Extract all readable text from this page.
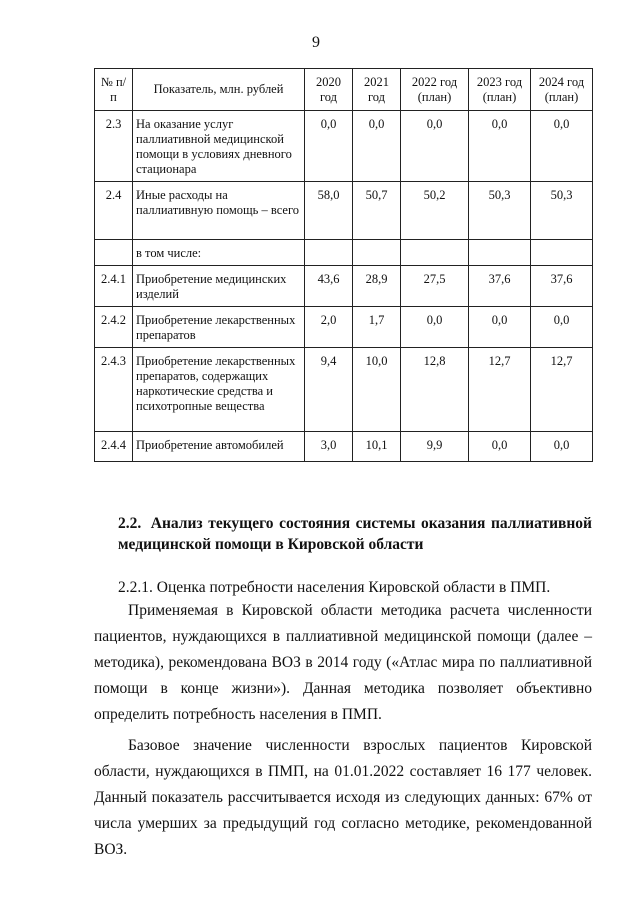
9
№ п/п	Показатель, млн. рублей	2020 год	2021 год	2022 год (план)	2023 год (план)	2024 год (план)
2.3	На оказание услуг паллиативной медицинской помощи в условиях дневного стационара	0,0	0,0	0,0	0,0	0,0
2.4	Иные расходы на паллиативную помощь – всего	58,0	50,7	50,2	50,3	50,3
	в том числе:					
2.4.1	Приобретение медицинских изделий	43,6	28,9	27,5	37,6	37,6
2.4.2	Приобретение лекарственных препаратов	2,0	1,7	0,0	0,0	0,0
2.4.3	Приобретение лекарственных препаратов, содержащих наркотические средства и психотропные вещества	9,4	10,0	12,8	12,7	12,7
2.4.4	Приобретение автомобилей	3,0	10,1	9,9	0,0	0,0
2.2. Анализ текущего состояния системы оказания паллиативной медицинской помощи в Кировской области
2.2.1. Оценка потребности населения Кировской области в ПМП.
Применяемая в Кировской области методика расчета численности пациентов, нуждающихся в паллиативной медицинской помощи (далее – методика), рекомендована ВОЗ в 2014 году («Атлас мира по паллиативной помощи в конце жизни»). Данная методика позволяет объективно определить потребность населения в ПМП.
Базовое значение численности взрослых пациентов Кировской области, нуждающихся в ПМП, на 01.01.2022 составляет 16 177 человек. Данный показатель рассчитывается исходя из следующих данных: 67% от числа умерших за предыдущий год согласно методике, рекомендованной ВОЗ.
